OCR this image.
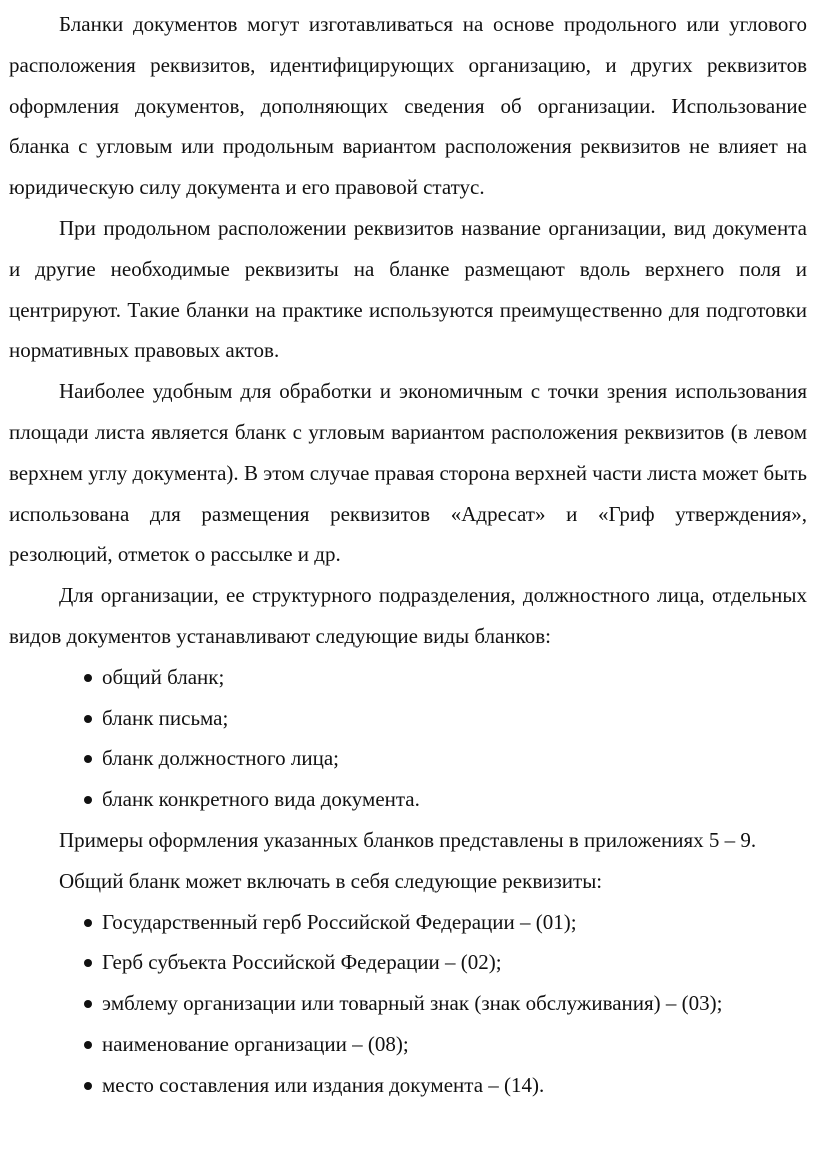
Бланки документов могут изготавливаться на основе продольного или углового расположения реквизитов, идентифицирующих организацию, и других реквизитов оформления документов, дополняющих сведения об организации. Использование бланка с угловым или продольным вариантом расположения реквизитов не влияет на юридическую силу документа и его правовой статус.

При продольном расположении реквизитов название организации, вид документа и другие необходимые реквизиты на бланке размещают вдоль верхнего поля и центрируют. Такие бланки на практике используются преимущественно для подготовки нормативных правовых актов.

Наиболее удобным для обработки и экономичным с точки зрения использования площади листа является бланк с угловым вариантом расположения реквизитов (в левом верхнем углу документа). В этом случае правая сторона верхней части листа может быть использована для размещения реквизитов «Адресат» и «Гриф утверждения», резолюций, отметок о рассылке и др.

Для организации, ее структурного подразделения, должностного лица, отдельных видов документов устанавливают следующие виды бланков:

общий бланк;
бланк письма;
бланк должностного лица;
бланк конкретного вида документа.

Примеры оформления указанных бланков представлены в приложениях 5 – 9.

Общий бланк может включать в себя следующие реквизиты:

Государственный герб Российской Федерации – (01);
Герб субъекта Российской Федерации – (02);
эмблему организации или товарный знак (знак обслуживания) – (03);
наименование организации – (08);
место составления или издания документа – (14).
